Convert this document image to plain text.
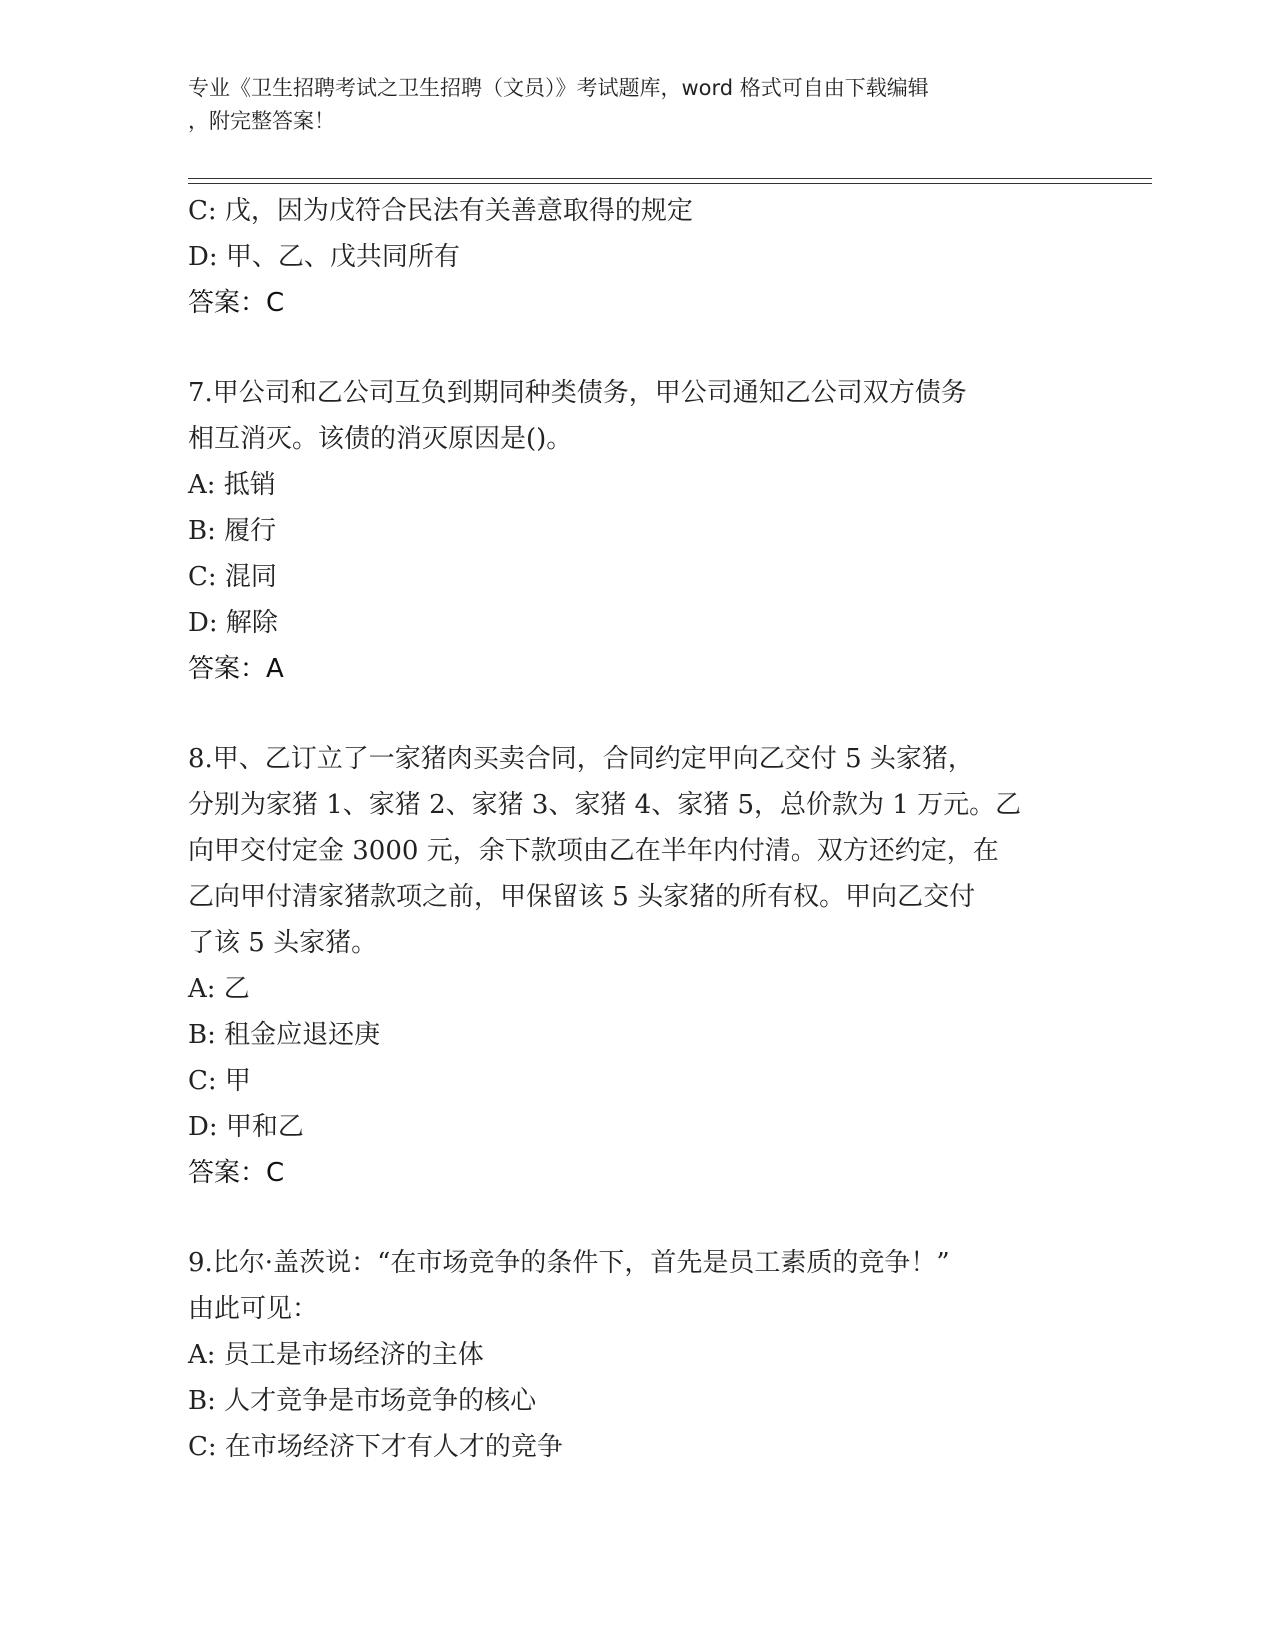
专业《卫生招聘考试之卫生招聘（文员）》考试题库，word 格式可自由下载编辑
，附完整答案！
C: 戊，因为戊符合民法有关善意取得的规定
D: 甲、乙、戊共同所有
答案：C
7.甲公司和乙公司互负到期同种类债务，甲公司通知乙公司双方债务
相互消灭。该债的消灭原因是()。
A: 抵销
B: 履行
C: 混同
D: 解除
答案：A
8.甲、乙订立了一家猪肉买卖合同，合同约定甲向乙交付 5 头家猪，
分别为家猪 1、家猪 2、家猪 3、家猪 4、家猪 5，总价款为 1 万元。乙
向甲交付定金 3000 元，余下款项由乙在半年内付清。双方还约定，在
乙向甲付清家猪款项之前，甲保留该 5 头家猪的所有权。甲向乙交付
了该 5 头家猪。
A: 乙
B: 租金应退还庚
C: 甲
D: 甲和乙
答案：C
9.比尔·盖茨说：“在市场竞争的条件下，首先是员工素质的竞争！”
由此可见：
A: 员工是市场经济的主体
B: 人才竞争是市场竞争的核心
C: 在市场经济下才有人才的竞争
